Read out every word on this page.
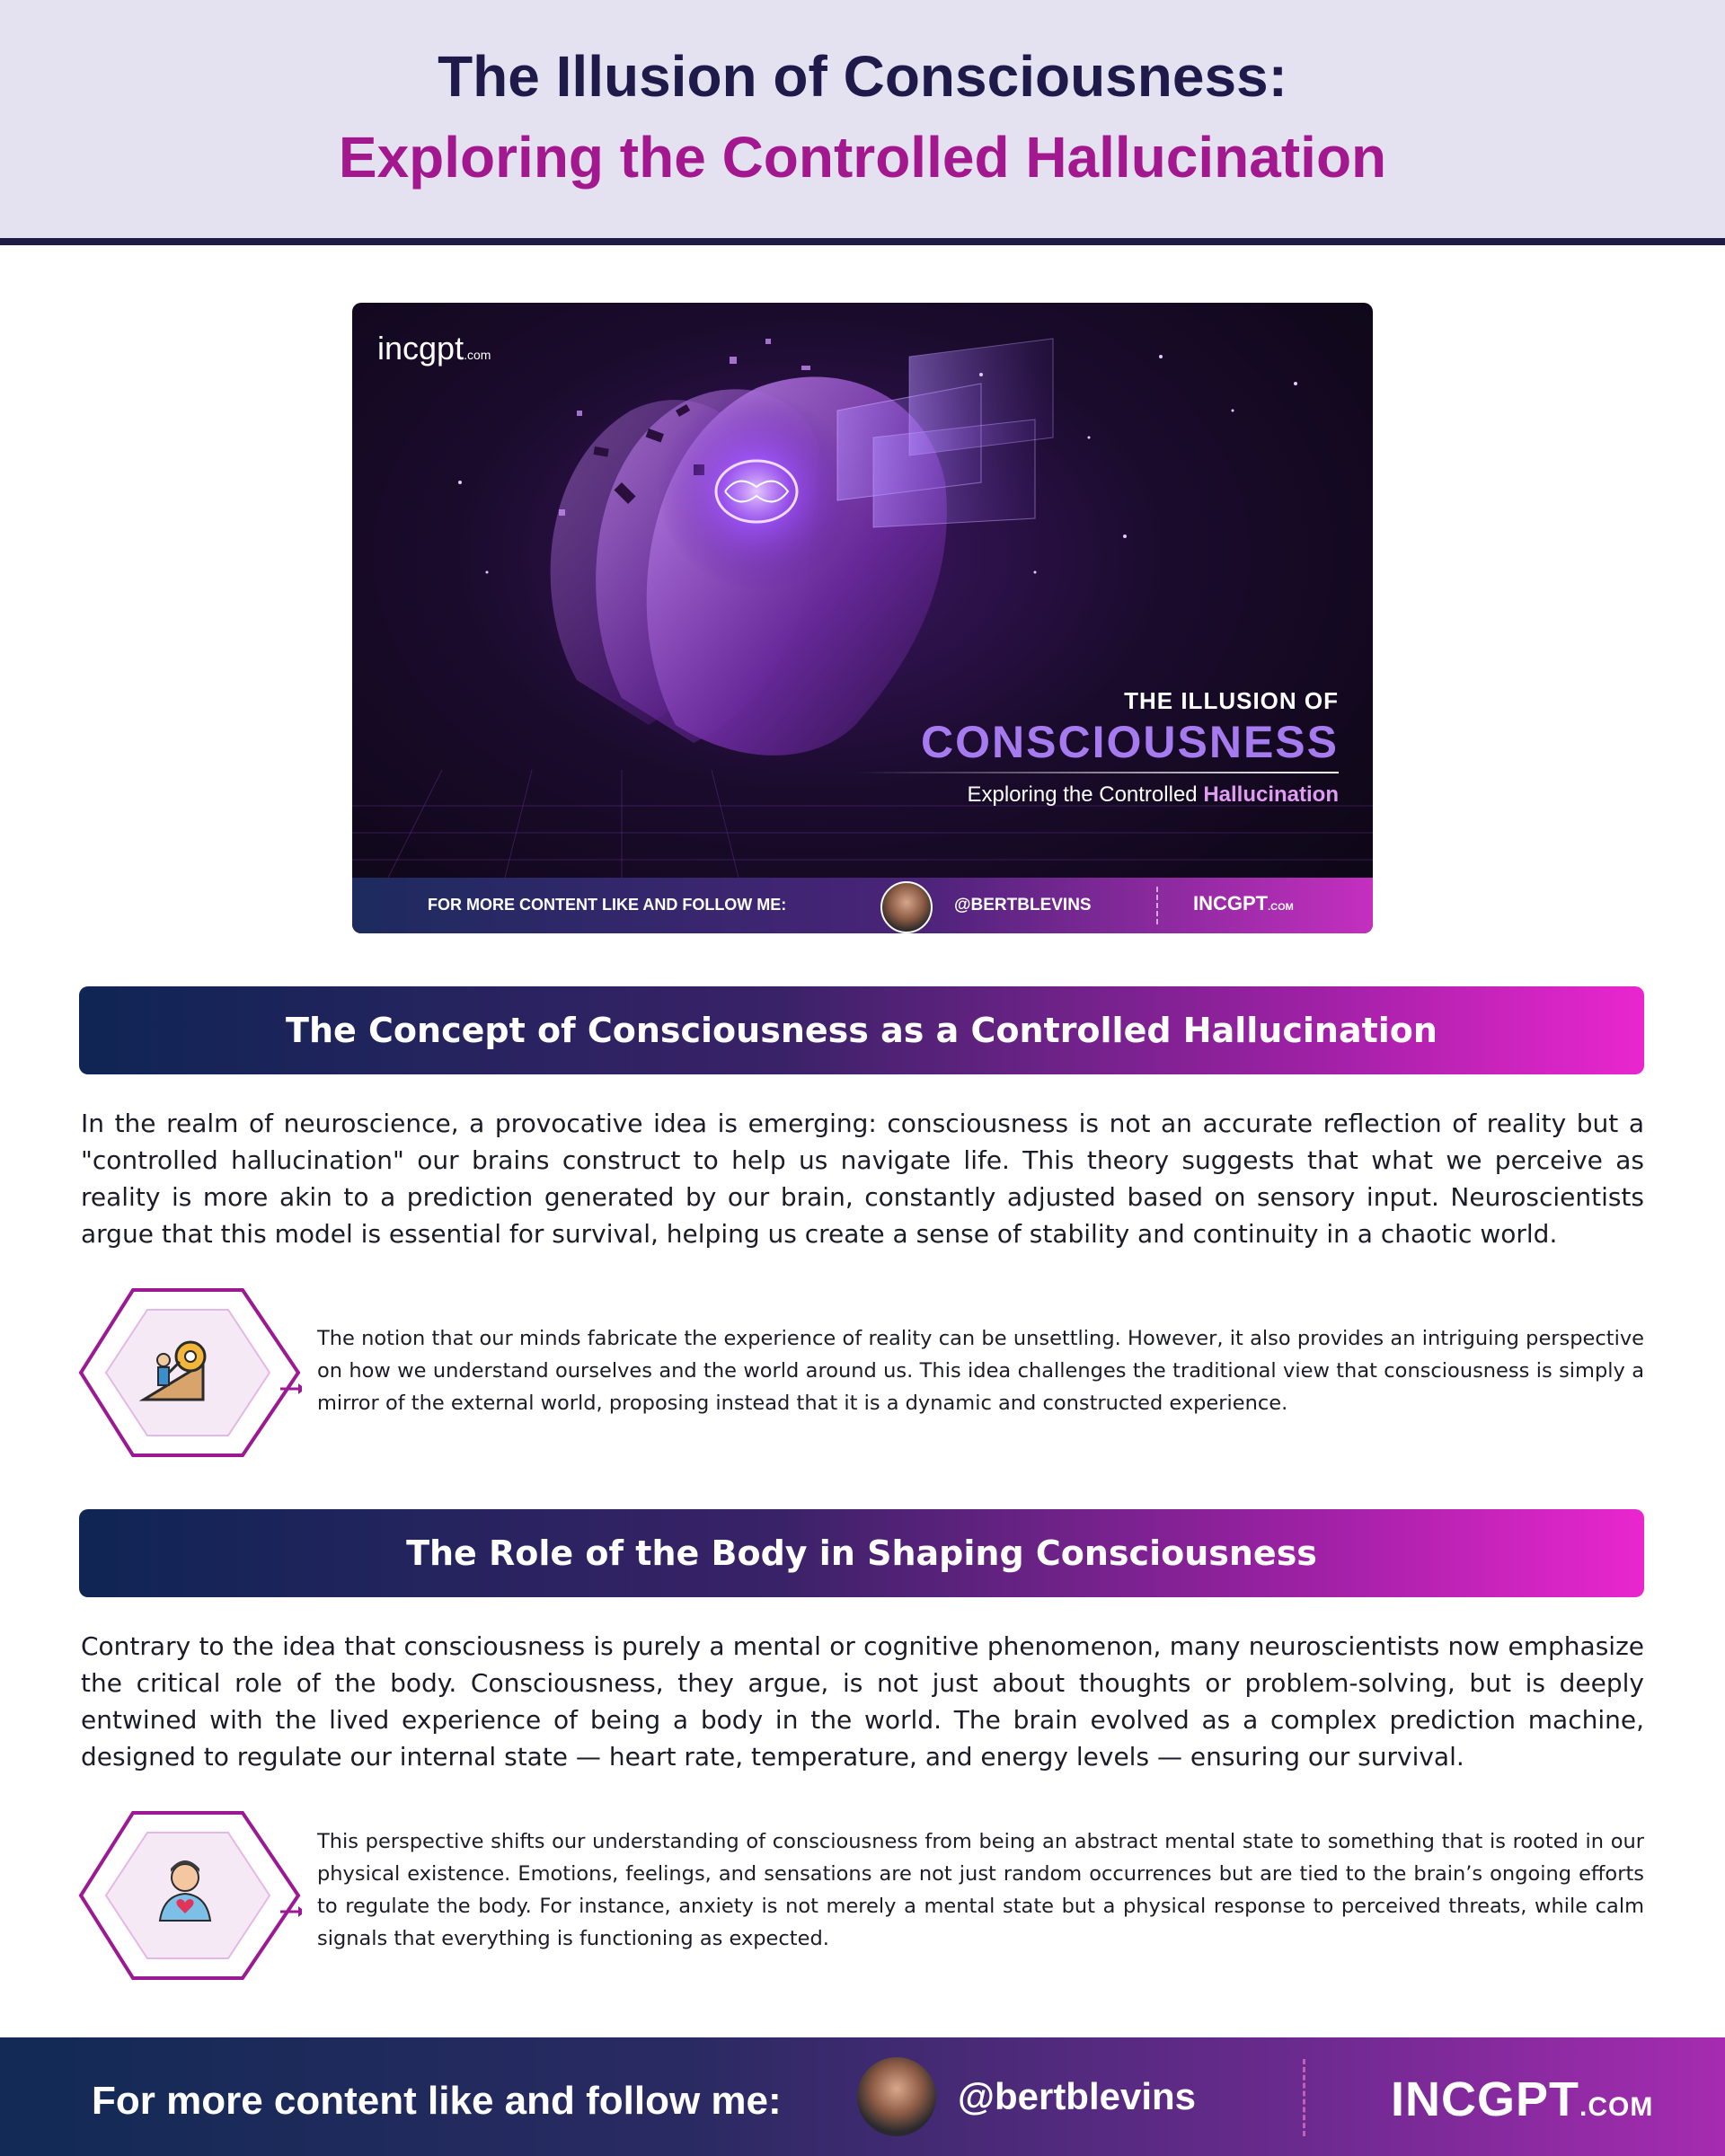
The Illusion of Consciousness:
Exploring the Controlled Hallucination
incgpt.com
THE ILLUSION OF
CONSCIOUSNESS
Exploring the Controlled Hallucination
FOR MORE CONTENT LIKE AND FOLLOW ME:	@BERTBLEVINS	INCGPT.COM
The Concept of Consciousness as a Controlled Hallucination
In the realm of neuroscience, a provocative idea is emerging: consciousness is not an accurate reflection of reality but a "controlled hallucination" our brains construct to help us navigate life. This theory suggests that what we perceive as reality is more akin to a prediction generated by our brain, constantly adjusted based on sensory input. Neuroscientists argue that this model is essential for survival, helping us create a sense of stability and continuity in a chaotic world.
The notion that our minds fabricate the experience of reality can be unsettling. However, it also provides an intriguing perspective on how we understand ourselves and the world around us. This idea challenges the traditional view that consciousness is simply a mirror of the external world, proposing instead that it is a dynamic and constructed experience.
The Role of the Body in Shaping Consciousness
Contrary to the idea that consciousness is purely a mental or cognitive phenomenon, many neuroscientists now emphasize the critical role of the body. Consciousness, they argue, is not just about thoughts or problem-solving, but is deeply entwined with the lived experience of being a body in the world. The brain evolved as a complex prediction machine, designed to regulate our internal state — heart rate, temperature, and energy levels — ensuring our survival.
This perspective shifts our understanding of consciousness from being an abstract mental state to something that is rooted in our physical existence. Emotions, feelings, and sensations are not just random occurrences but are tied to the brain’s ongoing efforts to regulate the body. For instance, anxiety is not merely a mental state but a physical response to perceived threats, while calm signals that everything is functioning as expected.
For more content like and follow me:	@bertblevins	INCGPT.COM
